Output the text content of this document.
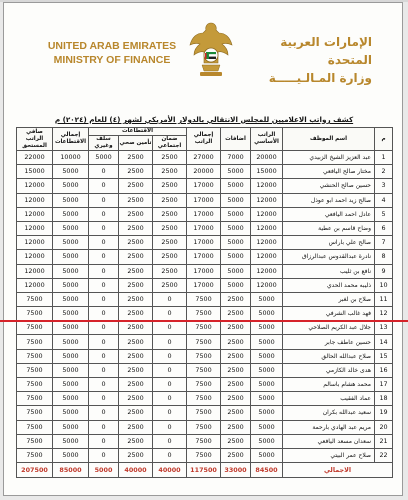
UNITED ARAB EMIRATES
MINISTRY OF FINANCE
الإمارات العربية المتحدة
وزارة المـالـيـــــة
كشف رواتب الاعلاميين للمجلس الانتقالي بالدولار الأمريكي لشهر (٤) للعام (٢٠٢٤) م
م	اسم الموظف	الراتب الأساسي	اضافات	إجمالي الراتب	الاقتطاعات			إجمالي الاقتطاعات	صافي الراتب المستحق
					ضمان اجتماعي	تأمين صحي	سلف وغيري		
1	عبد العزيز الشيخ الزبيدي	20000	7000	27000	2500	2500	5000	10000	22000
2	مختار صالح اليافعي	15000	5000	20000	2500	2500	0	5000	15000
3	حسين صالح الحنشي	12000	5000	17000	2500	2500	0	5000	12000
4	صالح زيد احمد ابو عوذل	12000	5000	17000	2500	2500	0	5000	12000
5	عادل احمد اليافعي	12000	5000	17000	2500	2500	0	5000	12000
6	وضاح قاسم بن عطية	12000	5000	17000	2500	2500	0	5000	12000
7	صالح علي باراس	12000	5000	17000	2500	2500	0	5000	12000
8	نادرة عبدالقدوس عبدالرزاق	12000	5000	17000	2500	2500	0	5000	12000
9	نافع بن ثليب	12000	5000	17000	2500	2500	0	5000	12000
10	ذليبه محمد الحدي	12000	5000	17000	2500	2500	0	5000	12000
11	صلاح بن لغبر	5000	2500	7500	0	2500	0	5000	7500
12	فهد غالب الشرفي	5000	2500	7500	0	2500	0	5000	7500
13	جلال عبد الكريم الصلاحي	5000	2500	7500	0	2500	0	5000	7500
14	حسين عاطف جابر	5000	2500	7500	0	2500	0	5000	7500
15	صلاح عبدالله الحالق	5000	2500	7500	0	2500	0	5000	7500
16	هدى خالد الكازمي	5000	2500	7500	0	2500	0	5000	7500
17	محمد هشام باسالم	5000	2500	7500	0	2500	0	5000	7500
18	عماد الفقيب	5000	2500	7500	0	2500	0	5000	7500
19	سعيد عبدالله بكران	5000	2500	7500	0	2500	0	5000	7500
20	مريم عبد الهادي بارحمة	5000	2500	7500	0	2500	0	5000	7500
21	سعدان مسعد اليافعي	5000	2500	7500	0	2500	0	5000	7500
22	صلاح عمر البيتي	5000	2500	7500	0	2500	0	5000	7500
الاجمالي		84500	33000	117500	40000	40000	5000	85000	207500
